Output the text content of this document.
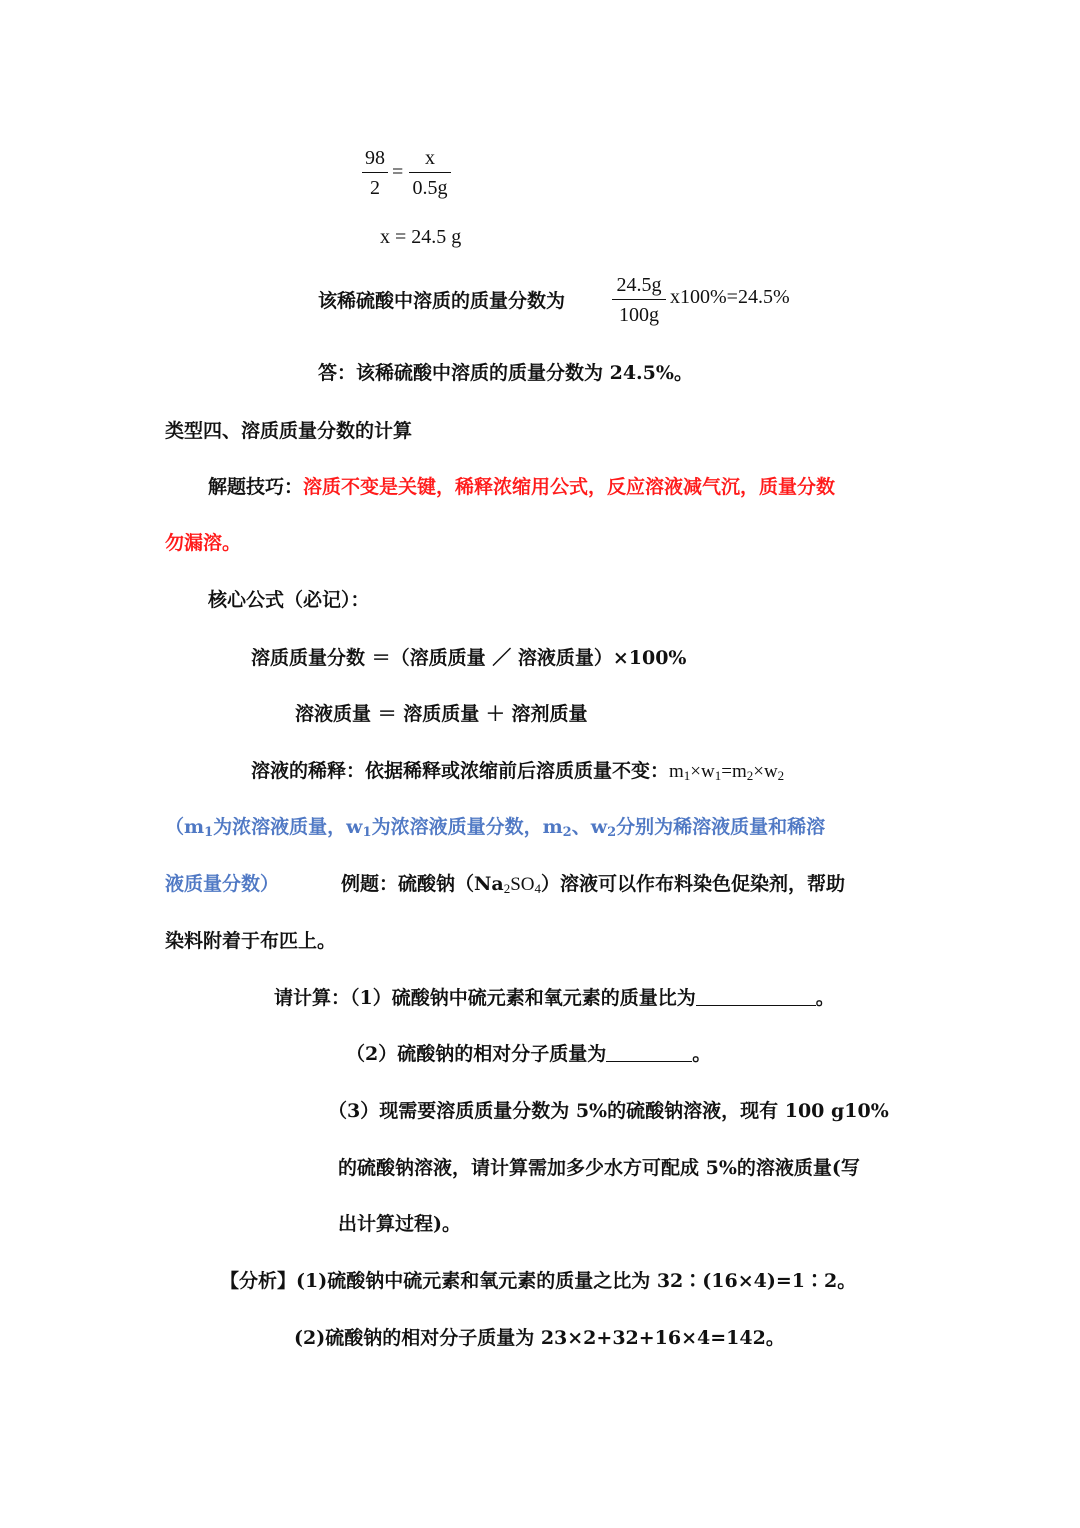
$\frac{98}{2} = \frac{x}{0.5g}$
x = 24.5 g
该稀硫酸中溶质的质量分数为 $\frac{24.5g}{100g} x100\%=24.5\%$
答：该稀硫酸中溶质的质量分数为 24.5%。
类型四、溶质质量分数的计算
解题技巧：溶质不变是关键，稀释浓缩用公式，反应溶液减气沉，质量分数
勿漏溶。
核心公式（必记）：
溶质质量分数 ＝（溶质质量 ／ 溶液质量）×100%
溶液质量 ＝ 溶质质量 ＋ 溶剂质量
溶液的稀释：依据稀释或浓缩前后溶质质量不变：$m_1\times w_1=m_2\times w_2$
（$m_1$为浓溶液质量，$w_1$为浓溶液质量分数，$m_2$、$w_2$分别为稀溶液质量和稀溶
液质量分数）	例题：硫酸钠$(Na_2SO_4)$溶液可以作布料染色促染剂，帮助
染料附着于布匹上。
请计算：（1）硫酸钠中硫元素和氧元素的质量比为	。
（2）硫酸钠的相对分子质量为	。
（3）现需要溶质质量分数为 5%的硫酸钠溶液，现有 100 g10%
的硫酸钠溶液，请计算需加多少水方可配成 5%的溶液质量(写
出计算过程)。
【分析】(1)硫酸钠中硫元素和氧元素的质量之比为 32∶(16×4)=1∶2。
(2)硫酸钠的相对分子质量为 23×2+32+16×4=142。
